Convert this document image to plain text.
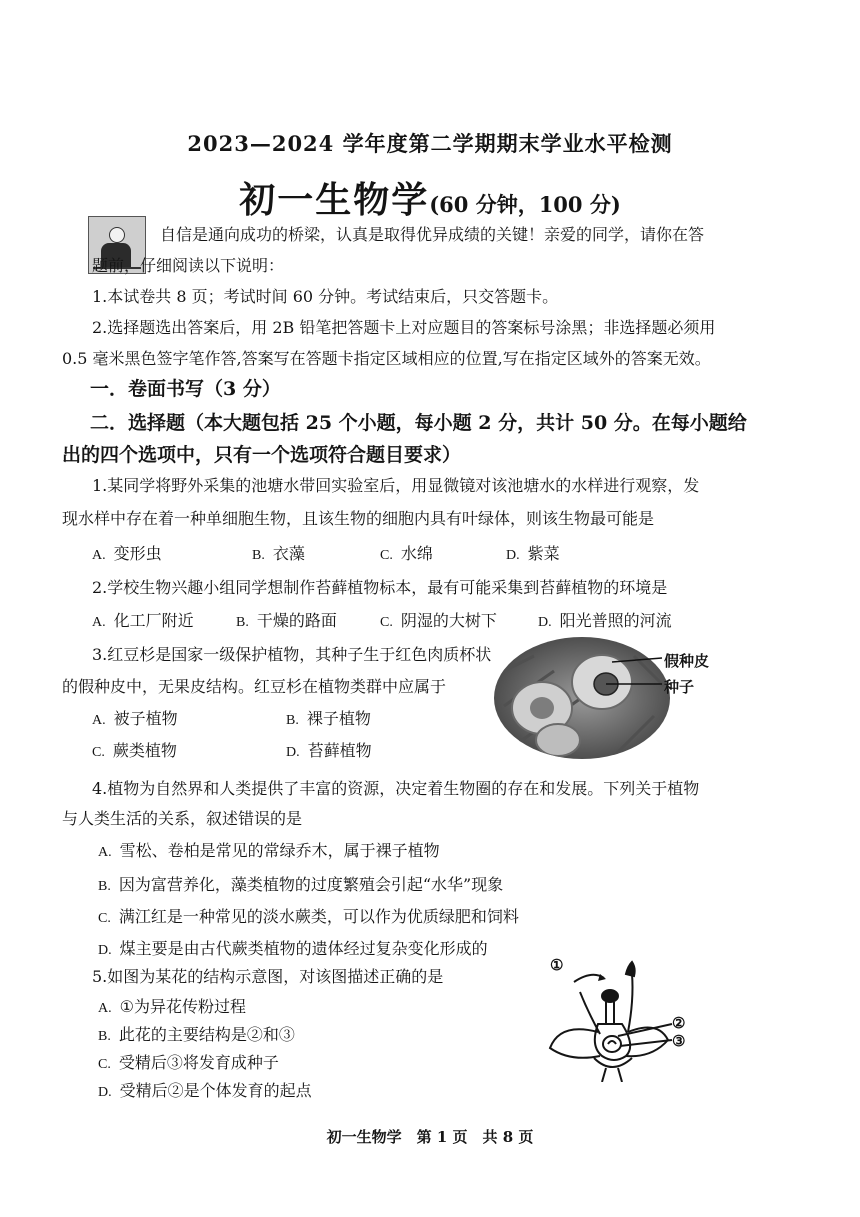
2023—2024 学年度第二学期期末学业水平检测
初一生物学(60 分钟，100 分)
自信是通向成功的桥梁，认真是取得优异成绩的关键！亲爱的同学，请你在答
题前，仔细阅读以下说明：
1.本试卷共 8 页；考试时间 60 分钟。考试结束后，只交答题卡。
2.选择题选出答案后，用 2B 铅笔把答题卡上对应题目的答案标号涂黑；非选择题必须用
0.5 毫米黑色签字笔作答,答案写在答题卡指定区域相应的位置,写在指定区域外的答案无效。
一．卷面书写（3 分）
二．选择题（本大题包括 25 个小题，每小题 2 分，共计 50 分。在每小题给
出的四个选项中，只有一个选项符合题目要求）
1.某同学将野外采集的池塘水带回实验室后，用显微镜对该池塘水的水样进行观察，发
现水样中存在着一种单细胞生物，且该生物的细胞内具有叶绿体，则该生物最可能是
A. 变形虫	B. 衣藻	C. 水绵	D. 紫菜
2.学校生物兴趣小组同学想制作苔藓植物标本，最有可能采集到苔藓植物的环境是
A. 化工厂附近	B. 干燥的路面	C. 阴湿的大树下	D. 阳光普照的河流
3.红豆杉是国家一级保护植物，其种子生于红色肉质杯状
的假种皮中，无果皮结构。红豆杉在植物类群中应属于
A. 被子植物	B. 裸子植物
C. 蕨类植物	D. 苔藓植物
假种皮
种子
4.植物为自然界和人类提供了丰富的资源，决定着生物圈的存在和发展。下列关于植物
与人类生活的关系，叙述错误的是
A. 雪松、卷柏是常见的常绿乔木，属于裸子植物
B. 因为富营养化，藻类植物的过度繁殖会引起“水华”现象
C. 满江红是一种常见的淡水蕨类，可以作为优质绿肥和饲料
D. 煤主要是由古代蕨类植物的遗体经过复杂变化形成的
5.如图为某花的结构示意图，对该图描述正确的是
A. ①为异花传粉过程
B. 此花的主要结构是②和③
C. 受精后③将发育成种子
D. 受精后②是个体发育的起点
①
②
③
初一生物学　第 1 页　共 8 页
